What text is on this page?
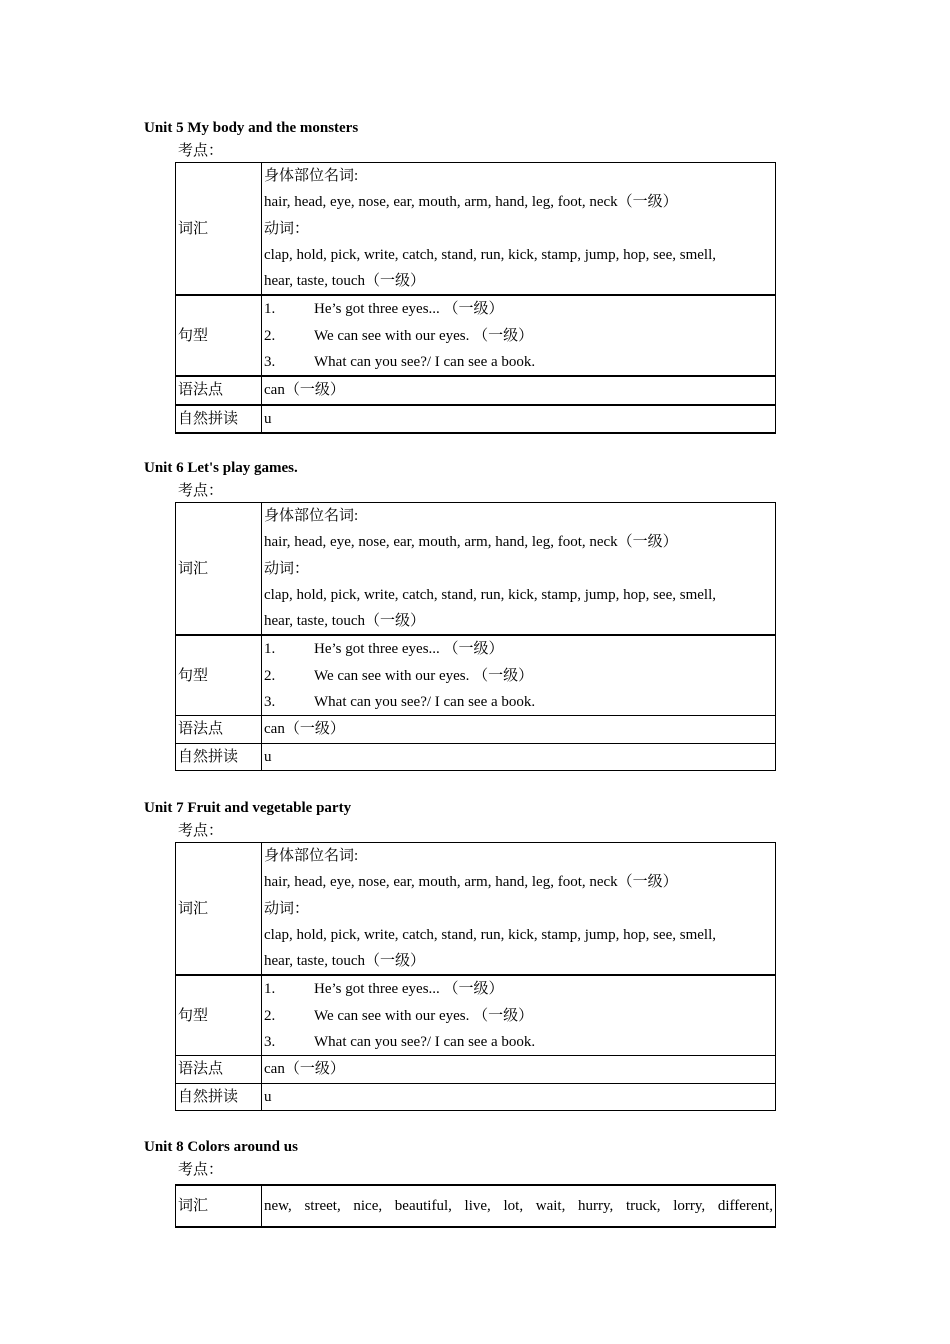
Unit 5 My body and the monsters
考点：
词汇	身体部位名词:
hair, head, eye, nose, ear, mouth, arm, hand, leg, foot, neck（一级）
动词：
clap, hold, pick, write, catch, stand, run, kick, stamp, jump, hop, see, smell,
hear, taste, touch（一级）

句型	1. He’s got three eyes... （一级）
2. We can see with our eyes. （一级）
3. What can you see?/ I can see a book.

语法点	can（一级）
自然拼读	u
Unit 6 Let's play games.
考点：
词汇	身体部位名词:
hair, head, eye, nose, ear, mouth, arm, hand, leg, foot, neck（一级）
动词：
clap, hold, pick, write, catch, stand, run, kick, stamp, jump, hop, see, smell,
hear, taste, touch（一级）

句型	1. He’s got three eyes... （一级）
2. We can see with our eyes. （一级）
3. What can you see?/ I can see a book.

语法点	can（一级）
自然拼读	u
Unit 7 Fruit and vegetable party
考点：
词汇	身体部位名词:
hair, head, eye, nose, ear, mouth, arm, hand, leg, foot, neck（一级）
动词：
clap, hold, pick, write, catch, stand, run, kick, stamp, jump, hop, see, smell,
hear, taste, touch（一级）

句型	1. He’s got three eyes... （一级）
2. We can see with our eyes. （一级）
3. What can you see?/ I can see a book.

语法点	can（一级）
自然拼读	u
Unit 8 Colors around us
考点：
词汇	new, street, nice, beautiful, live, lot, wait, hurry, truck, lorry, different,
